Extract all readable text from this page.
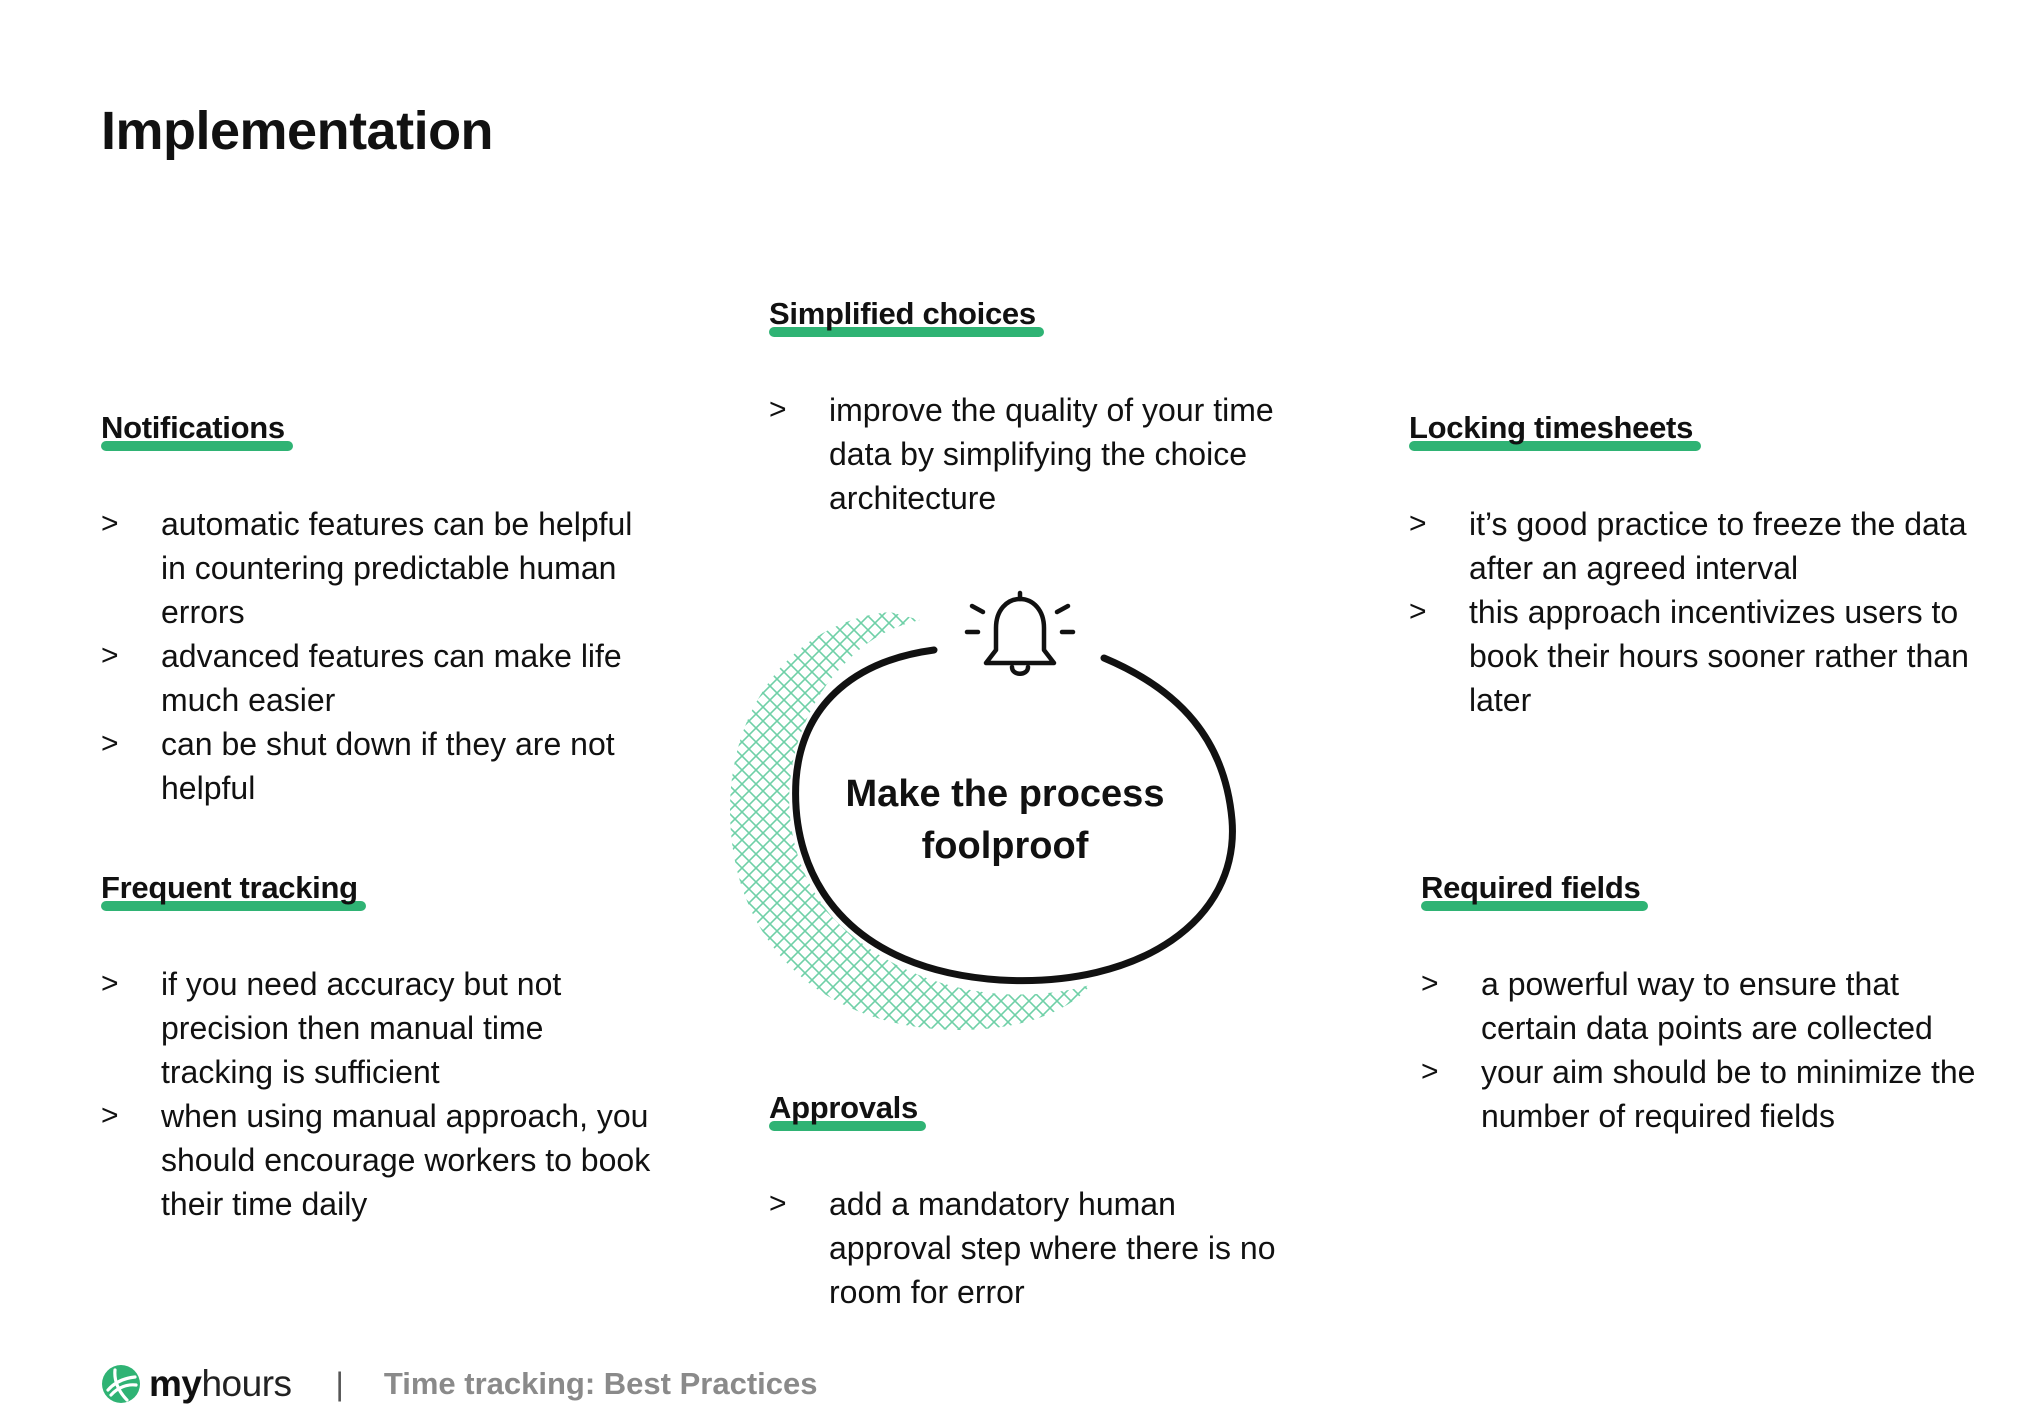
Implementation
Make the process foolproof
Simplified choices
> improve the quality of your time data by simplifying the choice architecture
Notifications
> automatic features can be helpful in countering predictable human errors
> advanced features can make life much easier
> can be shut down if they are not helpful
Locking timesheets
> it’s good practice to freeze the data after an agreed interval
> this approach incentivizes users to book their hours sooner rather than later
Frequent tracking
> if you need accuracy but not precision then manual time tracking is sufficient
> when using manual approach, you should encourage workers to book their time daily
Required fields
> a powerful way to ensure that certain data points are collected
> your aim should be to minimize the number of required fields
Approvals
> add a mandatory human approval step where there is no room for error
myhours | Time tracking: Best Practices
